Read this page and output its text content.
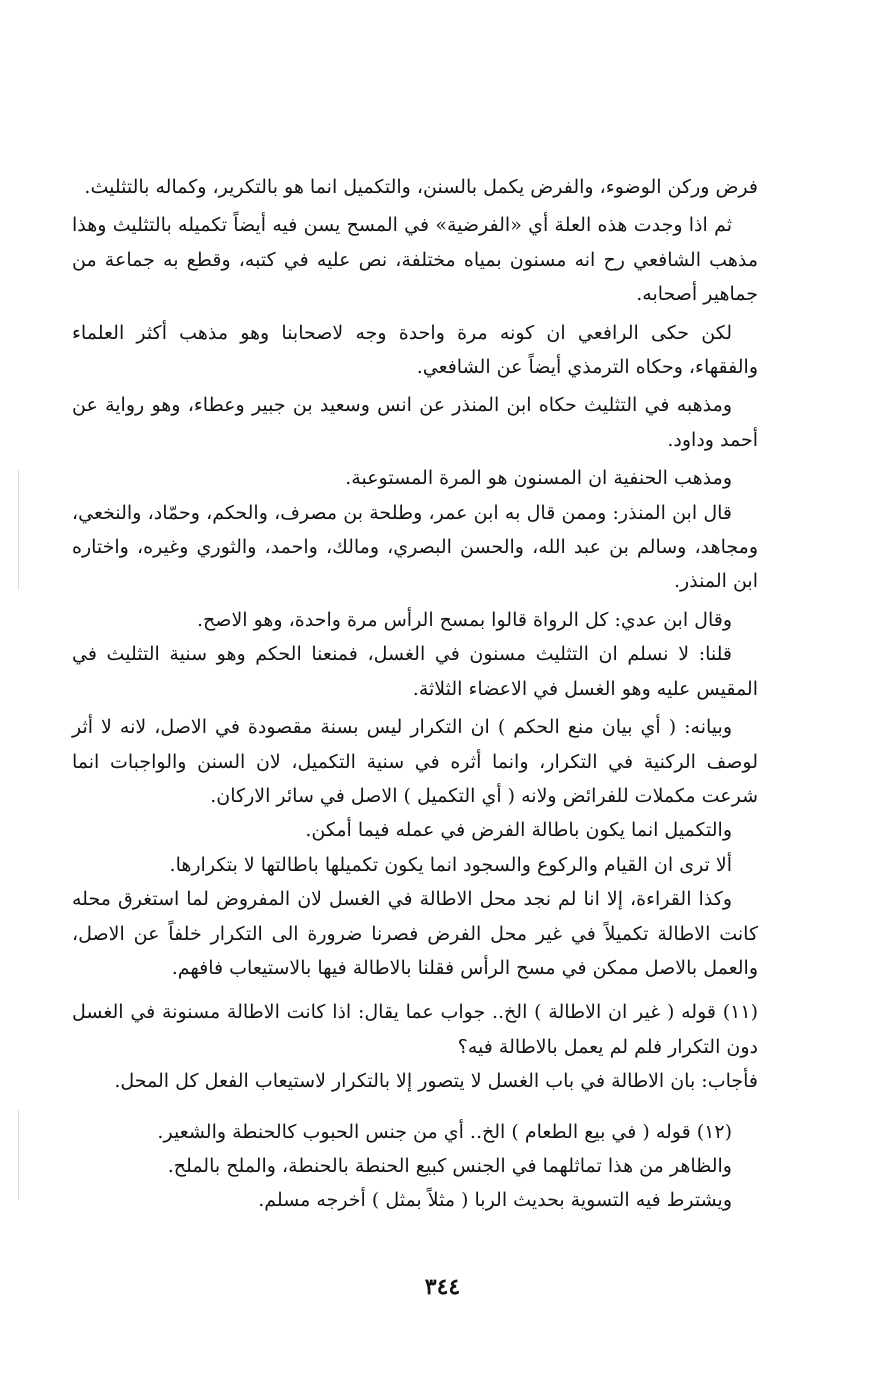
فرض وركن الوضوء، والفرض يكمل بالسنن، والتكميل انما هو بالتكرير، وكماله بالتثليث.

ثم اذا وجدت هذه العلة أي «الفرضية» في المسح يسن فيه أيضاً تكميله بالتثليث وهذا مذهب الشافعي رح انه مسنون بمياه مختلفة، نص عليه في كتبه، وقطع به جماعة من جماهير أصحابه.

لكن حكى الرافعي ان كونه مرة واحدة وجه لاصحابنا وهو مذهب أكثر العلماء والفقهاء، وحكاه الترمذي أيضاً عن الشافعي.

ومذهبه في التثليث حكاه ابن المنذر عن انس وسعيد بن جبير وعطاء، وهو رواية عن أحمد وداود.

ومذهب الحنفية ان المسنون هو المرة المستوعبة.

قال ابن المنذر: وممن قال به ابن عمر، وطلحة بن مصرف، والحكم، وحمّاد، والنخعي، ومجاهد، وسالم بن عبد الله، والحسن البصري، ومالك، واحمد، والثوري وغيره، واختاره ابن المنذر.

وقال ابن عدي: كل الرواة قالوا بمسح الرأس مرة واحدة، وهو الاصح.

قلنا: لا نسلم ان التثليث مسنون في الغسل، فمنعنا الحكم وهو سنية التثليث في المقيس عليه وهو الغسل في الاعضاء الثلاثة.

وبيانه: ( أي بيان منع الحكم ) ان التكرار ليس بسنة مقصودة في الاصل، لانه لا أثر لوصف الركنية في التكرار، وانما أثره في سنية التكميل، لان السنن والواجبات انما شرعت مكملات للفرائض ولانه ( أي التكميل ) الاصل في سائر الاركان.

والتكميل انما يكون باطالة الفرض في عمله فيما أمكن.

ألا ترى ان القيام والركوع والسجود انما يكون تكميلها باطالتها لا بتكرارها.

وكذا القراءة، إلا انا لم نجد محل الاطالة في الغسل لان المفروض لما استغرق محله كانت الاطالة تكميلاً في غير محل الفرض فصرنا ضرورة الى التكرار خلفاً عن الاصل، والعمل بالاصل ممكن في مسح الرأس فقلنا بالاطالة فيها بالاستيعاب فافهم.

(١١) قوله ( غير ان الاطالة ) الخ.. جواب عما يقال: اذا كانت الاطالة مسنونة في الغسل دون التكرار فلم لم يعمل بالاطالة فيه؟

فأجاب: بان الاطالة في باب الغسل لا يتصور إلا بالتكرار لاستيعاب الفعل كل المحل.

(١٢) قوله ( في بيع الطعام ) الخ.. أي من جنس الحبوب كالحنطة والشعير.

والظاهر من هذا تماثلهما في الجنس كبيع الحنطة بالحنطة، والملح بالملح.

ويشترط فيه التسوية بحديث الربا ( مثلاً بمثل ) أخرجه مسلم.

٣٤٤
